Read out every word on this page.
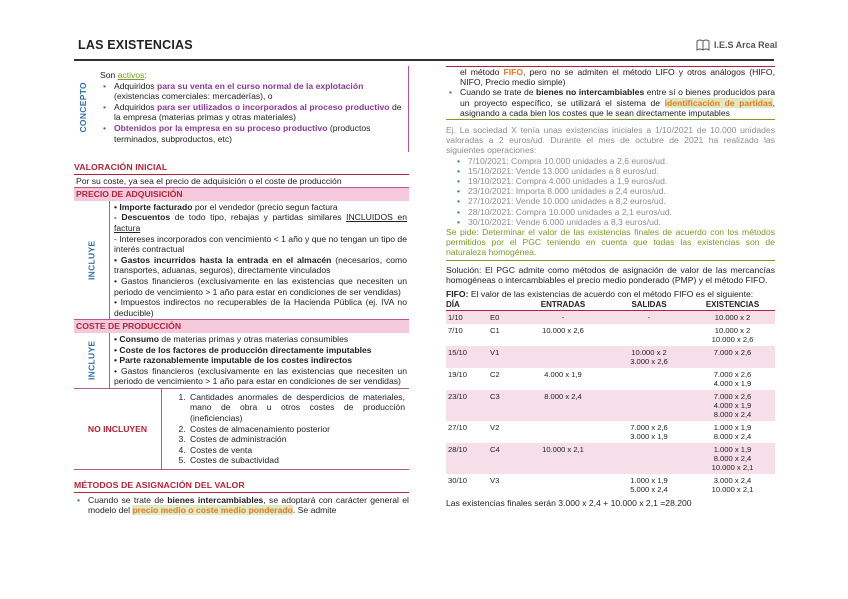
LAS EXISTENCIAS	I.E.S Arca Real
CONCEPTO
Son activos:
• Adquiridos para su venta en el curso normal de la explotación (existencias comerciales: mercaderías), o
• Adquiridos para ser utilizados o incorporados al proceso productivo de la empresa (materias primas y otras materiales)
• Obtenidos por la empresa en su proceso productivo (productos terminados, subproductos, etc)
VALORACIÓN INICIAL
Por su coste, ya sea el precio de adquisición o el coste de producción
PRECIO DE ADQUISICIÓN
INCLUYE
• Importe facturado por el vendedor (precio segun factura
- Descuentos de todo tipo, rebajas y partidas similares INCLUIDOS en factura
- Intereses incorporados con vencimiento < 1 año y que no tengan un tipo de interés contractual
• Gastos incurridos hasta la entrada en el almacén (necesarios, como transportes, aduanas, seguros), directamente vinculados
• Gastos financieros (exclusivamente en las existencias que necesiten un periodo de vencimiento > 1 año para estar en condiciones de ser vendidas)
• Impuestos indirectos no recuperables de la Hacienda Pública (ej. IVA no deducible)
COSTE DE PRODUCCIÓN
INCLUYE
• Consumo de materias primas y otras materias consumibles
• Coste de los factores de producción directamente imputables
• Parte razonablemente imputable de los costes indirectos
• Gastos financieros (exclusivamente en las existencias que necesiten un periodo de vencimiento > 1 año para estar en condiciones de ser vendidas)
NO INCLUYEN
1. Cantidades anormales de desperdicios de materiales, mano de obra u otros costes de producción (ineficiencias)
2. Costes de almacenamiento posterior
3. Costes de administración
4. Costes de venta
5. Costes de subactividad
MÉTODOS DE ASIGNACIÓN DEL VALOR
• Cuando se trate de bienes intercambiables, se adoptará con carácter general el modelo del precio medio o coste medio ponderado. Se admite
el método FIFO, pero no se admiten el método LIFO y otros análogos (HIFO, NIFO, Precio medio simple)
• Cuando se trate de bienes no intercambiables entre sí o bienes producidos para un proyecto específico, se utilizará el sistema de identificación de partidas, asignando a cada bien los costes que le sean directamente imputables
Ej. La sociedad X tenía unas existencias iniciales a 1/10/2021 de 10.000 unidades valoradas a 2 euros/ud. Durante el mes de octubre de 2021 ha realizado las siguientes operaciones:
• 7/10/2021: Compra 10.000 unidades a 2,6 euros/ud.
• 15/10/2021: Vende 13.000 unidades a 8 euros/ud.
• 19/10/2021: Compra 4.000 unidades a 1,9 euros/ud.
• 23/10/2021: Importa 8.000 unidades a 2,4 euros/ud.
• 27/10/2021: Vende 10.000 unidades a 8,2 euros/ud.
• 28/10/2021: Compra 10.000 unidades a 2,1 euros/ud.
• 30/10/2021: Vende 6.000 unidades a 8,3 euros/ud.
Se pide: Determinar el valor de las existencias finales de acuerdo con los métodos permitidos por el PGC teniendo en cuenta que todas las existencias son de naturaleza homogénea.
Solución: El PGC admite como métodos de asignación de valor de las mercancías homogéneas o intercambiables el precio medio ponderado (PMP) y el método FIFO.
FIFO: El valor de las existencias de acuerdo con el método FIFO es el siguiente:
DÍA		ENTRADAS	SALIDAS	EXISTENCIAS
1/10	E0	-	-	10.000 x 2
7/10	C1	10.000 x 2,6		10.000 x 2
10.000 x 2,6
15/10	V1		10.000 x 2
3.000 x 2,6	7.000 x 2,6
19/10	C2	4.000 x 1,9		7.000 x 2,6
4.000 x 1,9
23/10	C3	8.000 x 2,4		7.000 x 2,6
4.000 x 1,9
8.000 x 2,4
27/10	V2		7.000 x 2,6
3.000 x 1,9	1.000 x 1,9
8.000 x 2,4
28/10	C4	10.000 x 2,1		1.000 x 1,9
8.000 x 2,4
10.000 x 2,1
30/10	V3		1.000 x 1,9
5.000 x 2,4	3.000 x 2,4
10.000 x 2,1
Las existencias finales serán 3.000 x 2,4 + 10.000 x 2,1 =28.200
